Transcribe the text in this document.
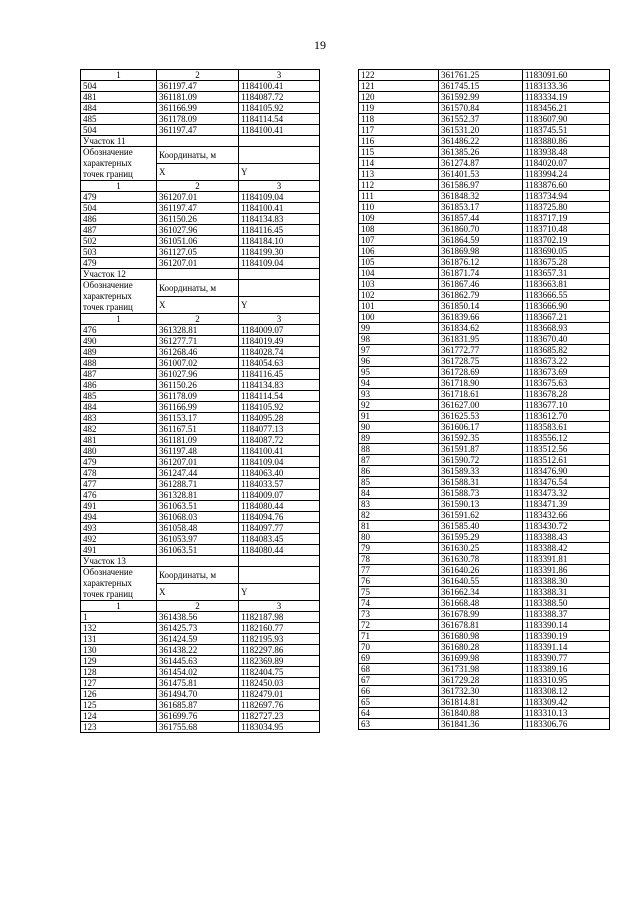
19
1	2	3
504	361197.47	1184100.41
481	361181.09	1184087.72
484	361166.99	1184105.92
485	361178.09	1184114.54
504	361197.47	1184100.41
Участок 11		
Обозначение характерных точек границ	Координаты, м	
	X	Y
1	2	3
479	361207.01	1184109.04
504	361197.47	1184100.41
486	361150.26	1184134.83
487	361027.96	1184116.45
502	361051.06	1184184.10
503	361127.05	1184199.30
479	361207.01	1184109.04
Участок 12		
Обозначение характерных точек границ	Координаты, м	
	X	Y
1	2	3
476	361328.81	1184009.07
490	361277.71	1184019.49
489	361268.46	1184028.74
488	361007.02	1184054.63
487	361027.96	1184116.45
486	361150.26	1184134.83
485	361178.09	1184114.54
484	361166.99	1184105.92
483	361153.17	1184095.28
482	361167.51	1184077.13
481	361181.09	1184087.72
480	361197.48	1184100.41
479	361207.01	1184109.04
478	361247.44	1184063.40
477	361288.71	1184033.57
476	361328.81	1184009.07
491	361063.51	1184080.44
494	361068.03	1184094.76
493	361058.48	1184097.77
492	361053.97	1184083.45
491	361063.51	1184080.44
Участок 13		
Обозначение характерных точек границ	Координаты, м	
	X	Y
1	2	3
1	361438.56	1182187.98
132	361425.73	1182160.77
131	361424.59	1182195.93
130	361438.22	1182297.86
129	361445.63	1182369.89
128	361454.02	1182404.75
127	361475.81	1182450.03
126	361494.70	1182479.01
125	361685.87	1182697.76
124	361699.76	1182727.23
123	361755.68	1183034.95
122	361761.25	1183091.60
121	361745.15	1183133.36
120	361592.99	1183334.19
119	361570.84	1183456.21
118	361552.37	1183607.90
117	361531.20	1183745.51
116	361486.22	1183880.86
115	361385.26	1183938.48
114	361274.87	1184020.07
113	361401.53	1183994.24
112	361586.97	1183876.60
111	361848.32	1183734.94
110	361853.17	1183725.80
109	361857.44	1183717.19
108	361860.70	1183710.48
107	361864.59	1183702.19
106	361869.98	1183690.05
105	361876.12	1183675.28
104	361871.74	1183657.31
103	361867.46	1183663.81
102	361862.79	1183666.55
101	361850.14	1183666.90
100	361839.66	1183667.21
99	361834.62	1183668.93
98	361831.95	1183670.40
97	361772.77	1183685.82
96	361728.75	1183673.22
95	361728.69	1183673.69
94	361718.90	1183675.63
93	361718.61	1183678.28
92	361627.00	1183677.10
91	361625.53	1183612.70
90	361606.17	1183583.61
89	361592.35	1183556.12
88	361591.87	1183512.56
87	361590.72	1183512.61
86	361589.33	1183476.90
85	361588.31	1183476.54
84	361588.73	1183473.32
83	361590.13	1183471.39
82	361591.62	1183432.66
81	361585.40	1183430.72
80	361595.29	1183388.43
79	361630.25	1183388.42
78	361630.78	1183391.81
77	361640.26	1183391.86
76	361640.55	1183388.30
75	361662.34	1183388.31
74	361668.48	1183388.50
73	361678.99	1183388.37
72	361678.81	1183390.14
71	361680.98	1183390.19
70	361680.28	1183391.14
69	361699.98	1183390.77
68	361731.98	1183389.16
67	361729.28	1183310.95
66	361732.30	1183308.12
65	361814.81	1183309.42
64	361840.88	1183310.13
63	361841.36	1183306.76
